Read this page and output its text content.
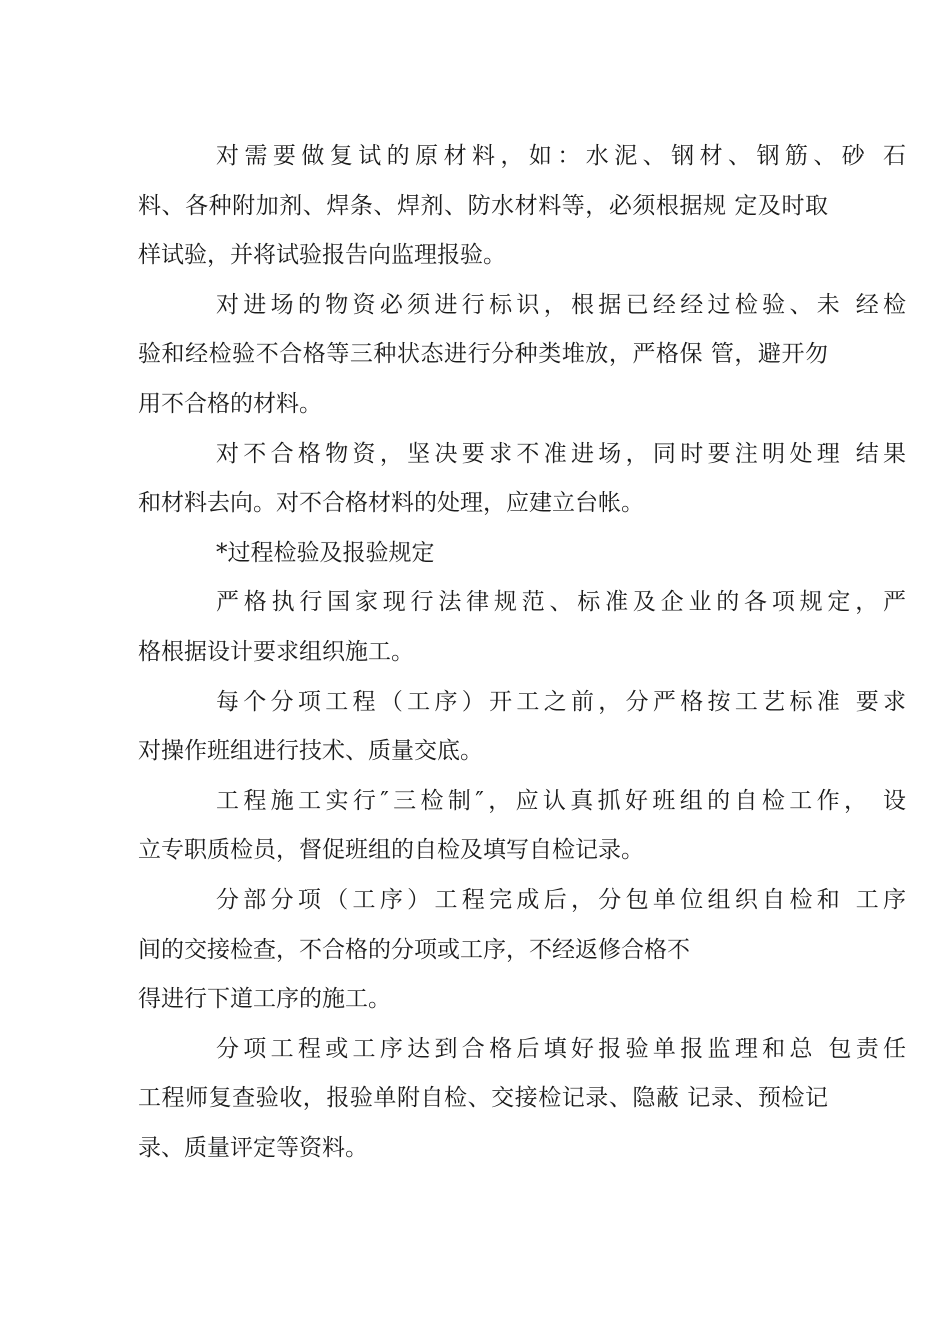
对需要做复试的原材料，如：水泥、钢材、钢筋、砂 石
料、各种附加剂、焊条、焊剂、防水材料等，必须根据规 定及时取
样试验，并将试验报告向监理报验。
对进场的物资必须进行标识，根据已经经过检验、未 经检
验和经检验不合格等三种状态进行分种类堆放，严格保 管，避开勿
用不合格的材料。
对不合格物资，坚决要求不准进场，同时要注明处理 结果
和材料去向。对不合格材料的处理，应建立台帐。
*过程检验及报验规定
严格执行国家现行法律规范、标准及企业的各项规定，严
格根据设计要求组织施工。
每个分项工程（工序）开工之前，分严格按工艺标准 要求
对操作班组进行技术、质量交底。
工程施工实行″三检制″，应认真抓好班组的自检工作， 设
立专职质检员，督促班组的自检及填写自检记录。
分部分项（工序）工程完成后，分包单位组织自检和 工序
间的交接检查，不合格的分项或工序，不经返修合格不
得进行下道工序的施工。
分项工程或工序达到合格后填好报验单报监理和总 包责任
工程师复查验收，报验单附自检、交接检记录、隐蔽 记录、预检记
录、质量评定等资料。
